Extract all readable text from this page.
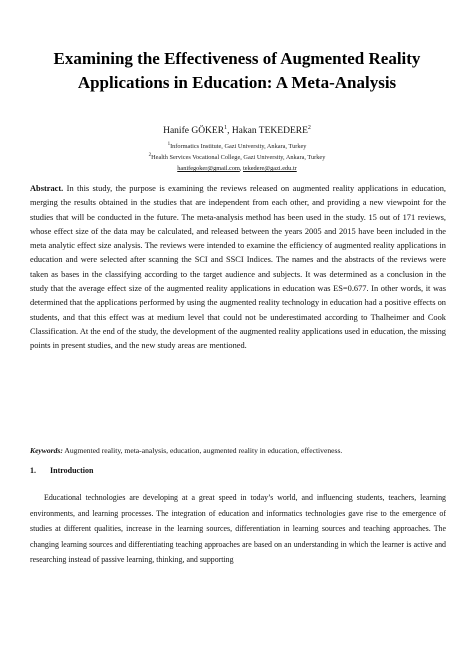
Examining the Effectiveness of Augmented Reality Applications in Education: A Meta-Analysis
Hanife GÖKER$^1$, Hakan TEKEDERE$^2$
$^1$Informatics Institute, Gazi University, Ankara, Turkey
$^2$Health Services Vocational College, Gazi University, Ankara, Turkey
hanifegoker@gmail.com, tekedere@gazi.edu.tr

Abstract. In this study, the purpose is examining the reviews released on augmented reality applications in education, merging the results obtained in the studies that are independent from each other, and providing a new viewpoint for the studies that will be conducted in the future. The meta-analysis method has been used in the study. 15 out of 171 reviews, whose effect size of the data may be calculated, and released between the years 2005 and 2015 have been included in the meta analytic effect size analysis. The reviews were intended to examine the efficiency of augmented reality applications in education and were selected after scanning the SCI and SSCI Indices. The names and the abstracts of the reviews were taken as bases in the classifying according to the target audience and subjects. It was determined as a conclusion in the study that the average effect size of the augmented reality applications in education was ES=0.677. In other words, it was determined that the applications performed by using the augmented reality technology in education had a positive effects on students, and that this effect was at medium level that could not be underestimated according to Thalheimer and Cook Classification. At the end of the study, the development of the augmented reality applications used in education, the missing points in present studies, and the new study areas are mentioned.

Keywords: Augmented reality, meta-analysis, education, augmented reality in education, effectiveness.

1. Introduction

Educational technologies are developing at a great speed in today’s world, and influencing students, teachers, learning environments, and learning processes. The integration of education and informatics technologies gave rise to the emergence of studies at different qualities, increase in the learning sources, differentiation in learning sources and teaching approaches. The changing learning sources and differentiating teaching approaches are based on an understanding in which the learner is active and researching instead of passive learning, thinking, and supporting
